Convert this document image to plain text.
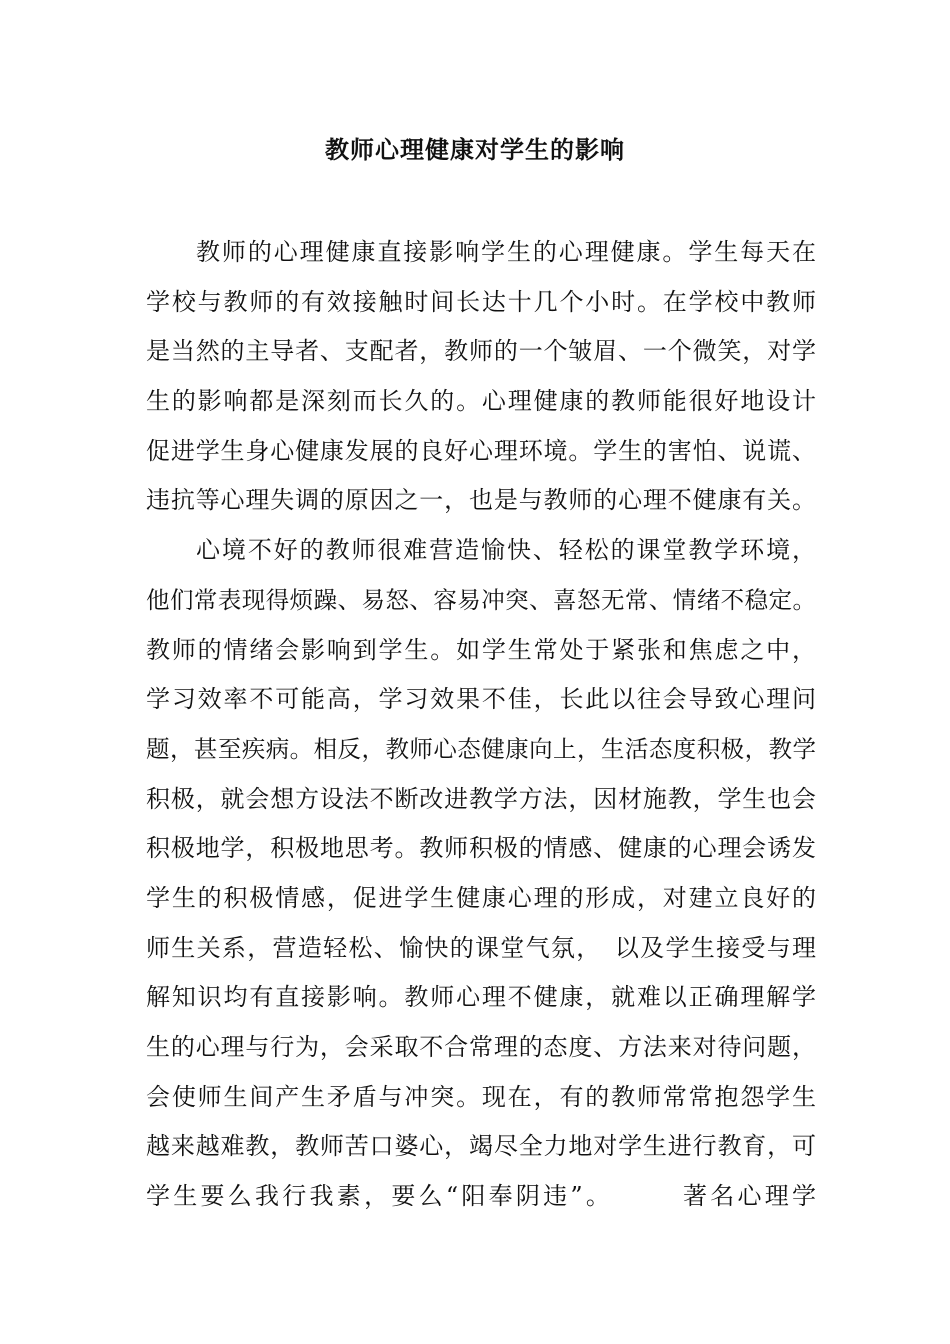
教师心理健康对学生的影响
教师的心理健康直接影响学生的心理健康。学生每天在
学校与教师的有效接触时间长达十几个小时。在学校中教师
是当然的主导者、支配者，教师的一个皱眉、一个微笑，对学
生的影响都是深刻而长久的。心理健康的教师能很好地设计
促进学生身心健康发展的良好心理环境。学生的害怕、说谎、
违抗等心理失调的原因之一，也是与教师的心理不健康有关。
心境不好的教师很难营造愉快、轻松的课堂教学环境，
他们常表现得烦躁、易怒、容易冲突、喜怒无常、情绪不稳定。
教师的情绪会影响到学生。如学生常处于紧张和焦虑之中，
学习效率不可能高，学习效果不佳，长此以往会导致心理问
题，甚至疾病。相反，教师心态健康向上，生活态度积极，教学
积极，就会想方设法不断改进教学方法，因材施教，学生也会
积极地学，积极地思考。教师积极的情感、健康的心理会诱发
学生的积极情感，促进学生健康心理的形成，对建立良好的
师生关系，营造轻松、愉快的课堂气氛，　以及学生接受与理
解知识均有直接影响。教师心理不健康，就难以正确理解学
生的心理与行为，会采取不合常理的态度、方法来对待问题，
会使师生间产生矛盾与冲突。现在，有的教师常常抱怨学生
越来越难教，教师苦口婆心，竭尽全力地对学生进行教育，可
学生要么我行我素，要么“阳奉阴违”。　　　著名心理学
